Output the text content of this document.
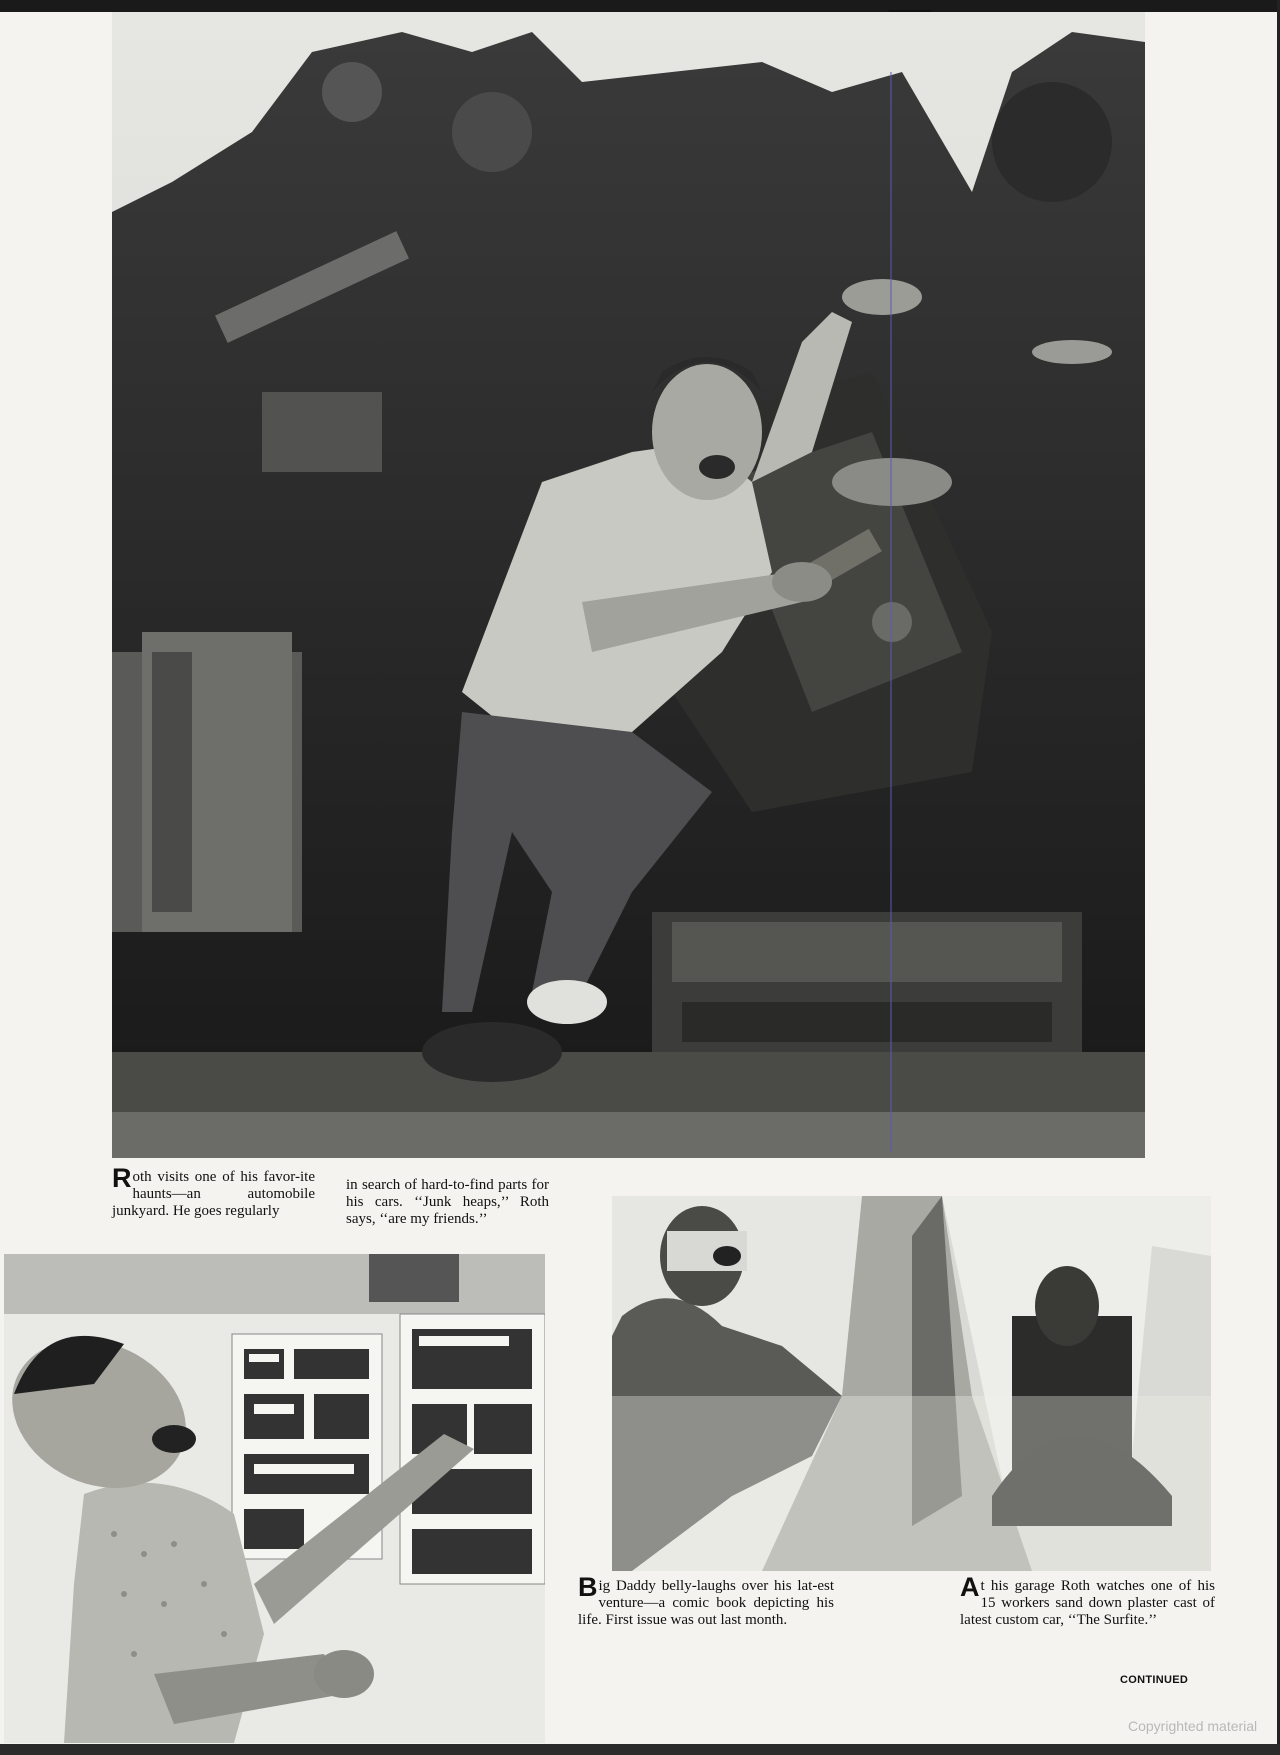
Roth visits one of his favor-ite haunts—an automobile junkyard. He goes regularly
in search of hard-to-find parts for his cars. ‘‘Junk heaps,’’ Roth says, ‘‘are my friends.’’
Big Daddy belly-laughs over his lat-est venture—a comic book depicting his life. First issue was out last month.
At his garage Roth watches one of his 15 workers sand down plaster cast of latest custom car, ‘‘The Surfite.’’
CONTINUED
Copyrighted material
